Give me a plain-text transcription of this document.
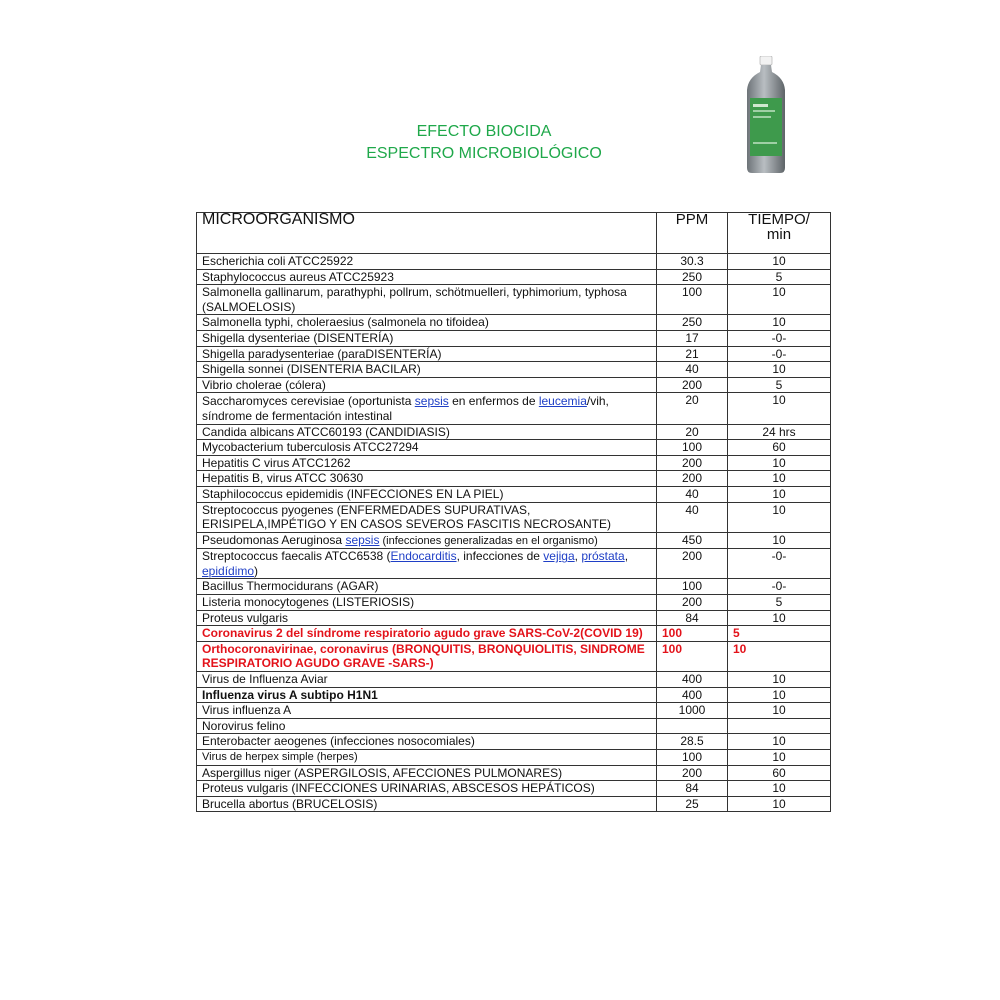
EFECTO BIOCIDA
ESPECTRO MICROBIOLÓGICO
MICROORGANISMO	PPM	TIEMPO/
min

Escherichia coli ATCC25922	30.3	10
Staphylococcus aureus ATCC25923	250	5
Salmonella gallinarum, parathyphi, pollrum, schötmuelleri, typhimorium, typhosa (SALMOELOSIS)	100	10
Salmonella typhi, choleraesius (salmonela no tifoidea)	250	10
Shigella dysenteriae (DISENTERÍA)	17	-0-
Shigella paradysenteriae (paraDISENTERÍA)	21	-0-
Shigella sonnei (DISENTERIA BACILAR)	40	10
Vibrio cholerae (cólera)	200	5
Saccharomyces cerevisiae (oportunista sepsis en enfermos de leucemia/vih, síndrome de fermentación intestinal	20	10
Candida albicans ATCC60193 (CANDIDIASIS)	20	24 hrs
Mycobacterium tuberculosis ATCC27294	100	60
Hepatitis C virus ATCC1262	200	10
Hepatitis B, virus ATCC 30630	200	10
Staphilococcus epidemidis (INFECCIONES EN LA PIEL)	40	10
Streptococcus pyogenes (ENFERMEDADES SUPURATIVAS, ERISIPELA,IMPÉTIGO Y EN CASOS SEVEROS FASCITIS NECROSANTE)	40	10
Pseudomonas Aeruginosa sepsis (infecciones generalizadas en el organismo)	450	10
Streptococcus faecalis ATCC6538 (Endocarditis, infecciones de vejiga, próstata, epidídimo)	200	-0-
Bacillus Thermocidurans (AGAR)	100	-0-
Listeria monocytogenes (LISTERIOSIS)	200	5
Proteus vulgaris	84	10
Coronavirus 2 del síndrome respiratorio agudo grave SARS-CoV-2(COVID 19)	100	5
Orthocoronavirinae, coronavirus (BRONQUITIS, BRONQUIOLITIS, SINDROME RESPIRATORIO AGUDO GRAVE -SARS-)	100	10
Virus de Influenza Aviar	400	10
Influenza virus A subtipo H1N1	400	10
Virus influenza A	1000	10
Norovirus felino		
Enterobacter aeogenes (infecciones nosocomiales)	28.5	10
Virus de herpex simple (herpes)	100	10
Aspergillus niger (ASPERGILOSIS, AFECCIONES PULMONARES)	200	60
Proteus vulgaris (INFECCIONES URINARIAS, ABSCESOS HEPÁTICOS)	84	10
Brucella abortus (BRUCELOSIS)	25	10
